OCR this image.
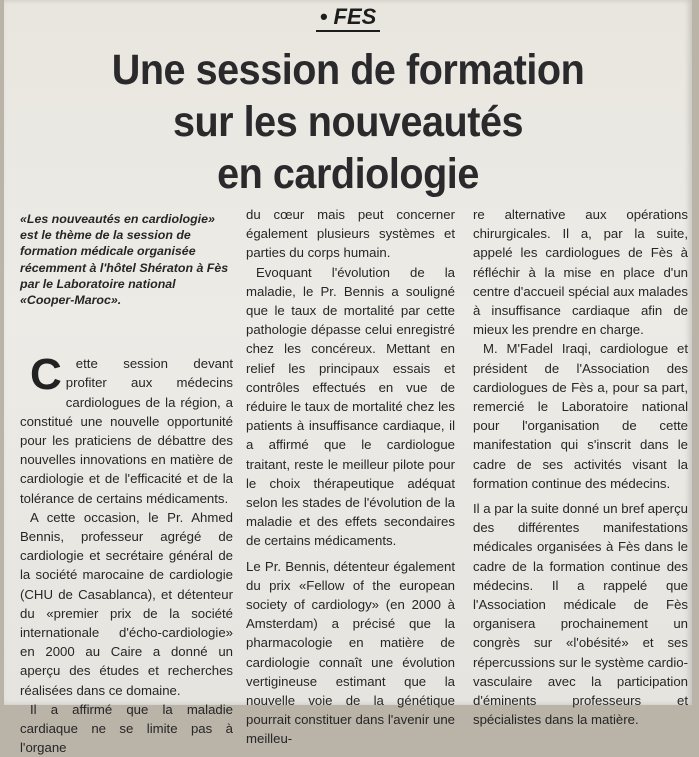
• FES
Une session de formation
sur les nouveautés
en cardiologie

«Les nouveautés en cardiologie» est le thème de la session de formation médicale organisée récemment à l'hôtel Shératon à Fès par le Laboratoire national «Cooper-Maroc».

C ette session devant profiter aux médecins cardiologues de la région, a constitué une nouvelle opportunité pour les praticiens de débattre des nouvelles innovations en matière de cardiologie et de l'efficacité et de la tolérance de certains médicaments.

A cette occasion, le Pr. Ahmed Bennis, professeur agrégé de cardiologie et secrétaire général de la société marocaine de cardiologie (CHU de Casablanca), et détenteur du «premier prix de la société internationale d'écho-cardiologie» en 2000 au Caire a donné un aperçu des études et recherches réalisées dans ce domaine.

Il a affirmé que la maladie cardiaque ne se limite pas à l'organe

du cœur mais peut concerner également plusieurs systèmes et parties du corps humain.

Evoquant l'évolution de la maladie, le Pr. Bennis a souligné que le taux de mortalité par cette pathologie dépasse celui enregistré chez les concéreux. Mettant en relief les principaux essais et contrôles effectués en vue de réduire le taux de mortalité chez les patients à insuffisance cardiaque, il a affirmé que le cardiologue traitant, reste le meilleur pilote pour le choix thérapeutique adéquat selon les stades de l'évolution de la maladie et des effets secondaires de certains médicaments.

Le Pr. Bennis, détenteur également du prix «Fellow of the european society of cardiology» (en 2000 à Amsterdam) a précisé que la pharmacologie en matière de cardiologie connaît une évolution vertigineuse estimant que la nouvelle voie de la génétique pourrait constituer dans l'avenir une meilleu-

re alternative aux opérations chirurgicales. Il a, par la suite, appelé les cardiologues de Fès à réfléchir à la mise en place d'un centre d'accueil spécial aux malades à insuffisance cardiaque afin de mieux les prendre en charge.

M. M'Fadel Iraqi, cardiologue et président de l'Association des cardiologues de Fès a, pour sa part, remercié le Laboratoire national pour l'organisation de cette manifestation qui s'inscrit dans le cadre de ses activités visant la formation continue des médecins.

Il a par la suite donné un bref aperçu des différentes manifestations médicales organisées à Fès dans le cadre de la formation continue des médecins. Il a rappelé que l'Association médicale de Fès organisera prochainement un congrès sur «l'obésité» et ses répercussions sur le système cardio-vasculaire avec la participation d'éminents professeurs et spécialistes dans la matière.
